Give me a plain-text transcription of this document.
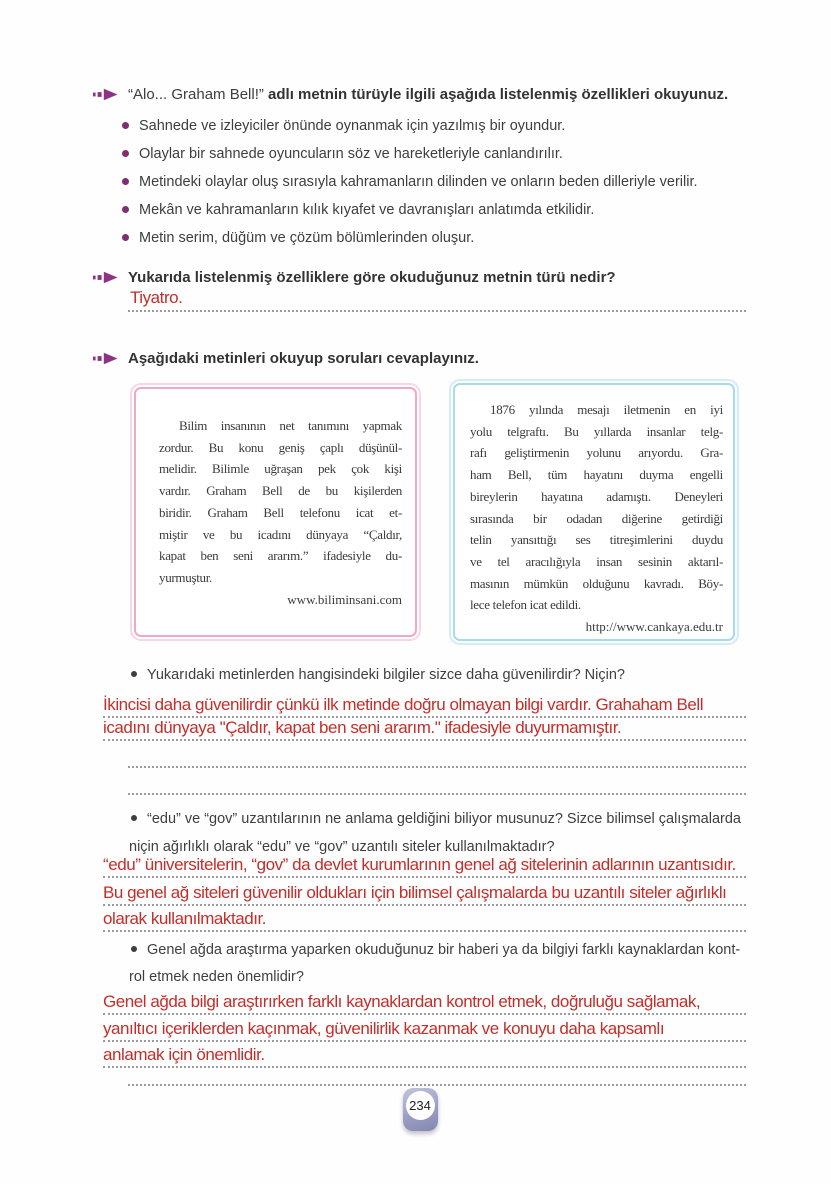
“Alo... Graham Bell!” adlı metnin türüyle ilgili aşağıda listelenmiş özellikleri okuyunuz.
Sahnede ve izleyiciler önünde oynanmak için yazılmış bir oyundur.
Olaylar bir sahnede oyuncuların söz ve hareketleriyle canlandırılır.
Metindeki olaylar oluş sırasıyla kahramanların dilinden ve onların beden dilleriyle verilir.
Mekân ve kahramanların kılık kıyafet ve davranışları anlatımda etkilidir.
Metin serim, düğüm ve çözüm bölümlerinden oluşur.
Yukarıda listelenmiş özelliklere göre okuduğunuz metnin türü nedir?
Tiyatro.
Aşağıdaki metinleri okuyup soruları cevaplayınız.
Bilim insanının net tanımını yapmak
zordur. Bu konu geniş çaplı düşünül-
melidir. Bilimle uğraşan pek çok kişi
vardır. Graham Bell de bu kişilerden
biridir. Graham Bell telefonu icat et-
miştir ve bu icadını dünyaya “Çaldır,
kapat ben seni ararım.” ifadesiyle du-
yurmuştur.
www.biliminsani.com
1876 yılında mesajı iletmenin en iyi
yolu telgraftı. Bu yıllarda insanlar telg-
rafı geliştirmenin yolunu arıyordu. Gra-
ham Bell, tüm hayatını duyma engelli
bireylerin hayatına adamıştı. Deneyleri
sırasında bir odadan diğerine getirdiği
telin yansıttığı ses titreşimlerini duydu
ve tel aracılığıyla insan sesinin aktarıl-
masının mümkün olduğunu kavradı. Böy-
lece telefon icat edildi.
http://www.cankaya.edu.tr
Yukarıdaki metinlerden hangisindeki bilgiler sizce daha güvenilirdir? Niçin?
İkincisi daha güvenilirdir çünkü ilk metinde doğru olmayan bilgi vardır. Grahaham Bell
icadını dünyaya "Çaldır, kapat ben seni ararım." ifadesiyle duyurmamıştır.
“edu” ve “gov” uzantılarının ne anlama geldiğini biliyor musunuz? Sizce bilimsel çalışmalarda
niçin ağırlıklı olarak “edu” ve “gov” uzantılı siteler kullanılmaktadır?
“edu” üniversitelerin, “gov” da devlet kurumlarının genel ağ sitelerinin adlarının uzantısıdır.
Bu genel ağ siteleri güvenilir oldukları için bilimsel çalışmalarda bu uzantılı siteler ağırlıklı
olarak kullanılmaktadır.
Genel ağda araştırma yaparken okuduğunuz bir haberi ya da bilgiyi farklı kaynaklardan kont-
rol etmek neden önemlidir?
Genel ağda bilgi araştırırken farklı kaynaklardan kontrol etmek, doğruluğu sağlamak,
yanıltıcı içeriklerden kaçınmak, güvenilirlik kazanmak ve konuyu daha kapsamlı
anlamak için önemlidir.
234
